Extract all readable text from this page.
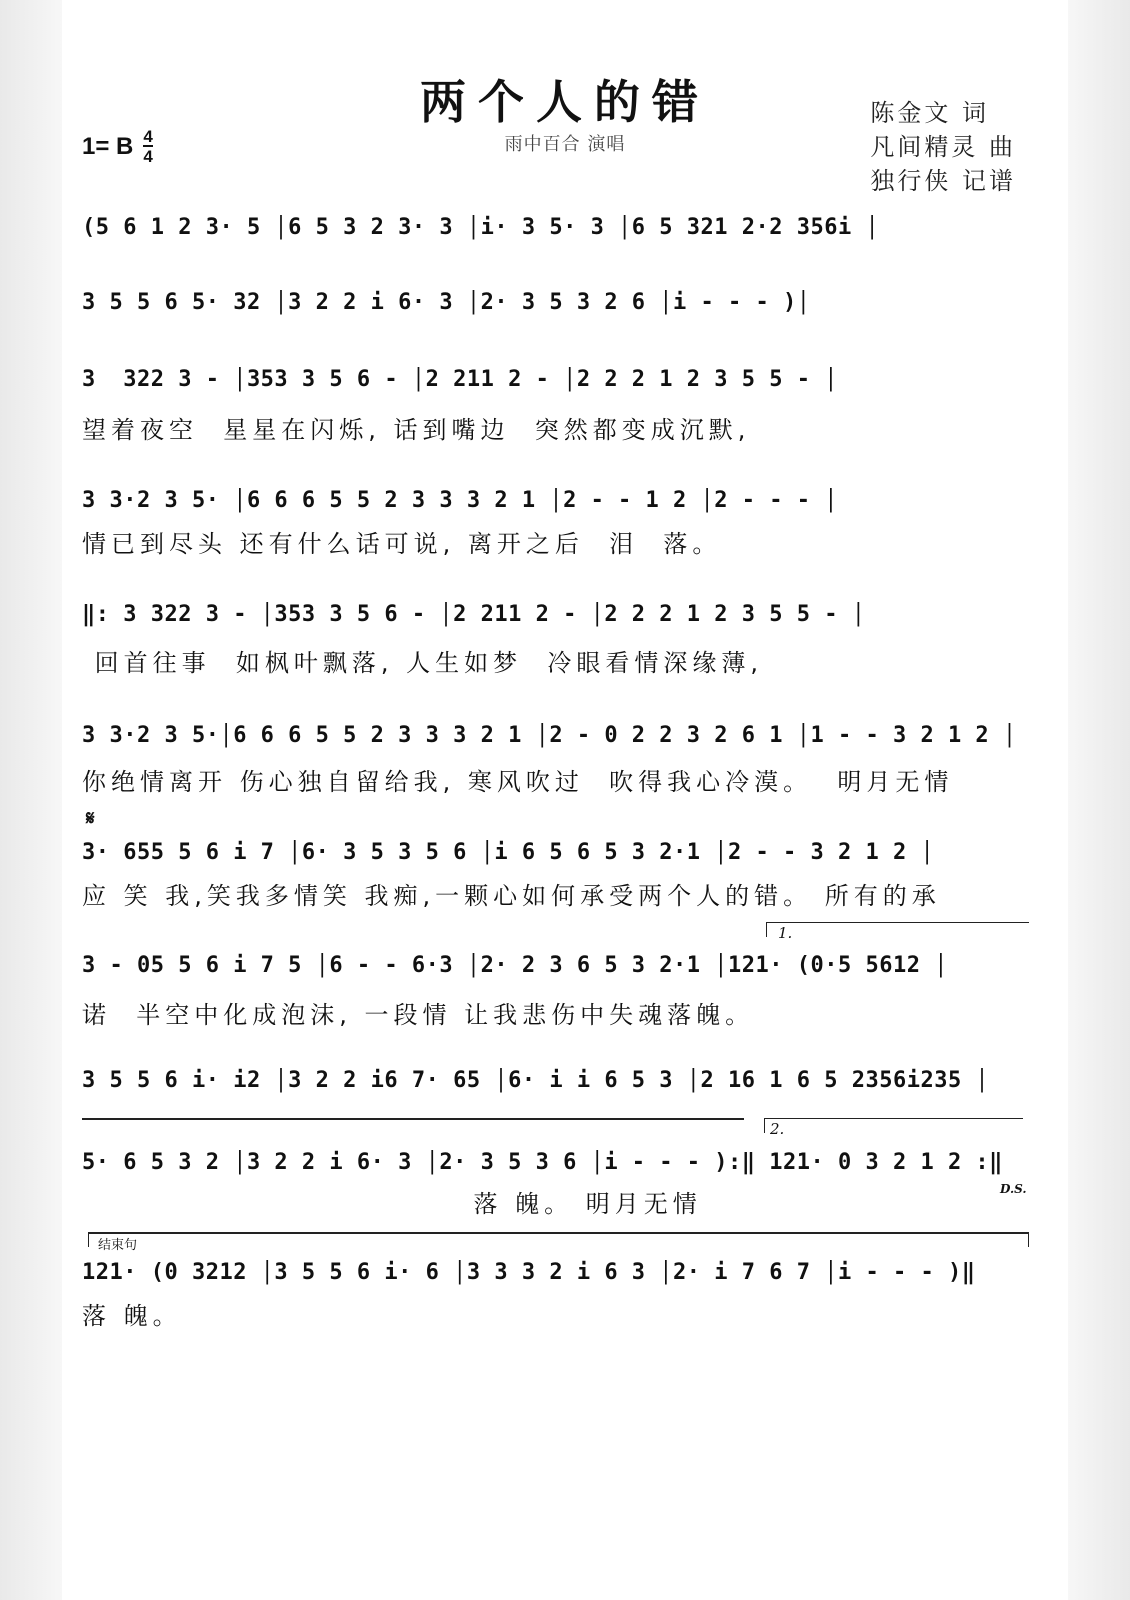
两个人的错
雨中百合 演唱
1= B $\frac{4}{4}$
陈金文 词
凡间精灵 曲
独行侠 记谱
(5 6 1 2 3· 5 │6 5 3 2 3· 3 │i· 3 5· 3 │6 5 321 2·2 356i │
3 5 5 6 5· 32 │3 2 2 i 6· 3 │2· 3 5 3 2 6 │i - - - )│
3  322 3 - │353 3 5 6 - │2 211 2 - │2 2 2 1 2 3 5 5 - │
望着夜空  星星在闪烁, 话到嘴边  突然都变成沉默,
3 3·2 3 5· │6 6 6 5 5 2 3 3 3 2 1 │2 - - 1 2 │2 - - - │
情已到尽头 还有什么话可说, 离开之后  泪  落。
‖: 3 322 3 - │353 3 5 6 - │2 211 2 - │2 2 2 1 2 3 5 5 - │
回首往事  如枫叶飘落, 人生如梦  冷眼看情深缘薄,
3 3·2 3 5·│6 6 6 5 5 2 3 3 3 2 1 │2 - 0 2 2 3 2 6 1 │1 - - 3 2 1 2 │
你绝情离开 伤心独自留给我, 寒风吹过  吹得我心冷漠。  明月无情
𝄋
3· 655 5 6 i 7 │6· 3 5 3 5 6 │i 6 5 6 5 3 2·1 │2 - - 3 2 1 2 │
应 笑 我,笑我多情笑 我痴,一颗心如何承受两个人的错。 所有的承
1.
3 - 05 5 6 i 7 5 │6 - - 6·3 │2· 2 3 6 5 3 2·1 │121· (0·5 5612 │
诺  半空中化成泡沫, 一段情 让我悲伤中失魂落魄。
3 5 5 6 i· i2 │3 2 2 i6 7· 65 │6· i i 6 5 3 │2 16 1 6 5 2356i235 │
2.
5· 6 5 3 2 │3 2 2 i 6· 3 │2· 3 5 3 6 │i - - - ):‖ 121· 0 3 2 1 2 :‖
落 魄。 明月无情
D.S.
结束句
121· (0 3212 │3 5 5 6 i· 6 │3 3 3 2 i 6 3 │2· i 7 6 7 │i - - - )‖
落 魄。
